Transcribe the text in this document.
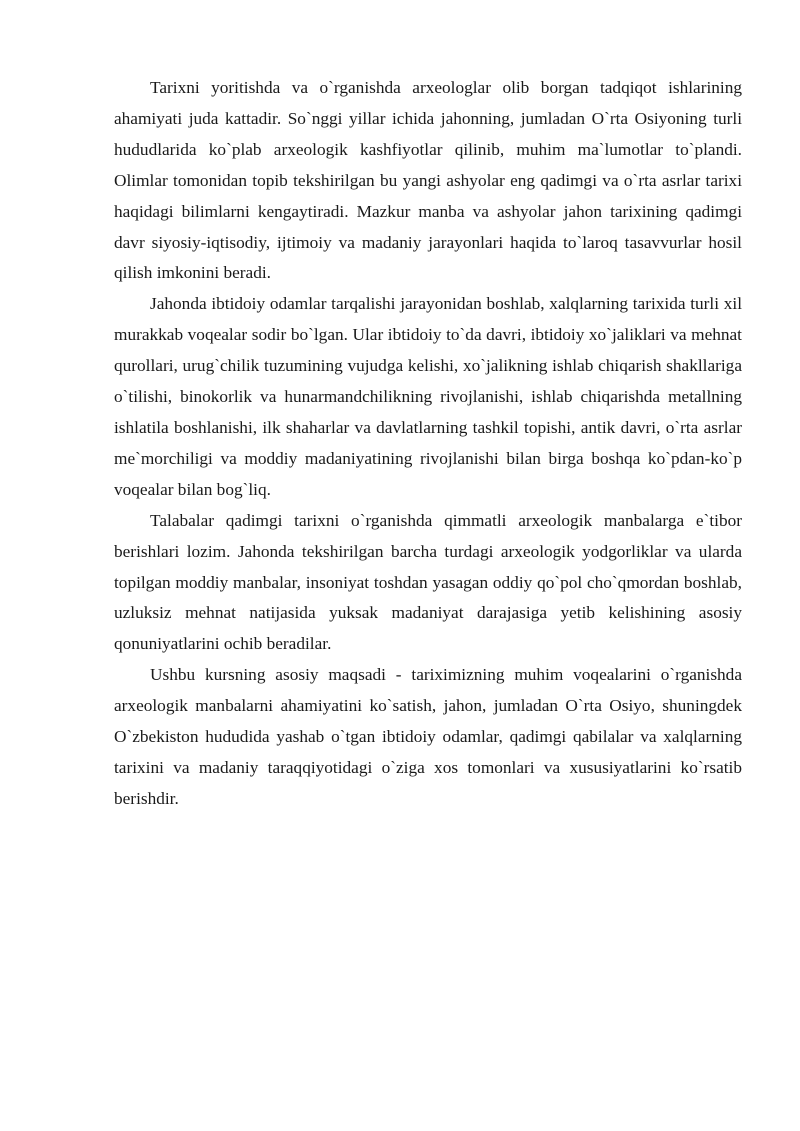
Tarixni yoritishda va o`rganishda arxeologlar olib borgan tadqiqot ishlarining ahamiyati juda kattadir. So`nggi yillar ichida jahonning, jumladan O`rta Osiyoning turli hududlarida ko`plab arxeologik kashfiyotlar qilinib, muhim ma`lumotlar to`plandi. Olimlar tomonidan topib tekshirilgan bu yangi ashyolar eng qadimgi va o`rta asrlar tarixi haqidagi bilimlarni kengaytiradi. Mazkur manba va ashyolar jahon tarixining qadimgi davr siyosiy-iqtisodiy, ijtimoiy va madaniy jarayonlari haqida to`laroq tasavvurlar hosil qilish imkonini beradi.

Jahonda ibtidoiy odamlar tarqalishi jarayonidan boshlab, xalqlarning tarixida turli xil murakkab voqealar sodir bo`lgan. Ular ibtidoiy to`da davri, ibtidoiy xo`jaliklari va mehnat qurollari, urug`chilik tuzumining vujudga kelishi, xo`jalikning ishlab chiqarish shakllariga o`tilishi, binokorlik va hunarmandchilikning rivojlanishi, ishlab chiqarishda metallning ishlatila boshlanishi, ilk shaharlar va davlatlarning tashkil topishi, antik davri, o`rta asrlar me`morchiligi va moddiy madaniyatining rivojlanishi bilan birga boshqa ko`pdan-ko`p voqealar bilan bog`liq.

Talabalar qadimgi tarixni o`rganishda qimmatli arxeologik manbalarga e`tibor berishlari lozim. Jahonda tekshirilgan barcha turdagi arxeologik yodgorliklar va ularda topilgan moddiy manbalar, insoniyat toshdan yasagan oddiy qo`pol cho`qmordan boshlab, uzluksiz mehnat natijasida yuksak madaniyat darajasiga yetib kelishining asosiy qonuniyatlarini ochib beradilar.

Ushbu kursning asosiy maqsadi - tariximizning muhim voqealarini o`rganishda arxeologik manbalarni ahamiyatini ko`satish, jahon, jumladan O`rta Osiyo, shuningdek O`zbekiston hududida yashab o`tgan ibtidoiy odamlar, qadimgi qabilalar va xalqlarning tarixini va madaniy taraqqiyotidagi o`ziga xos tomonlari va xususiyatlarini ko`rsatib berishdir.
